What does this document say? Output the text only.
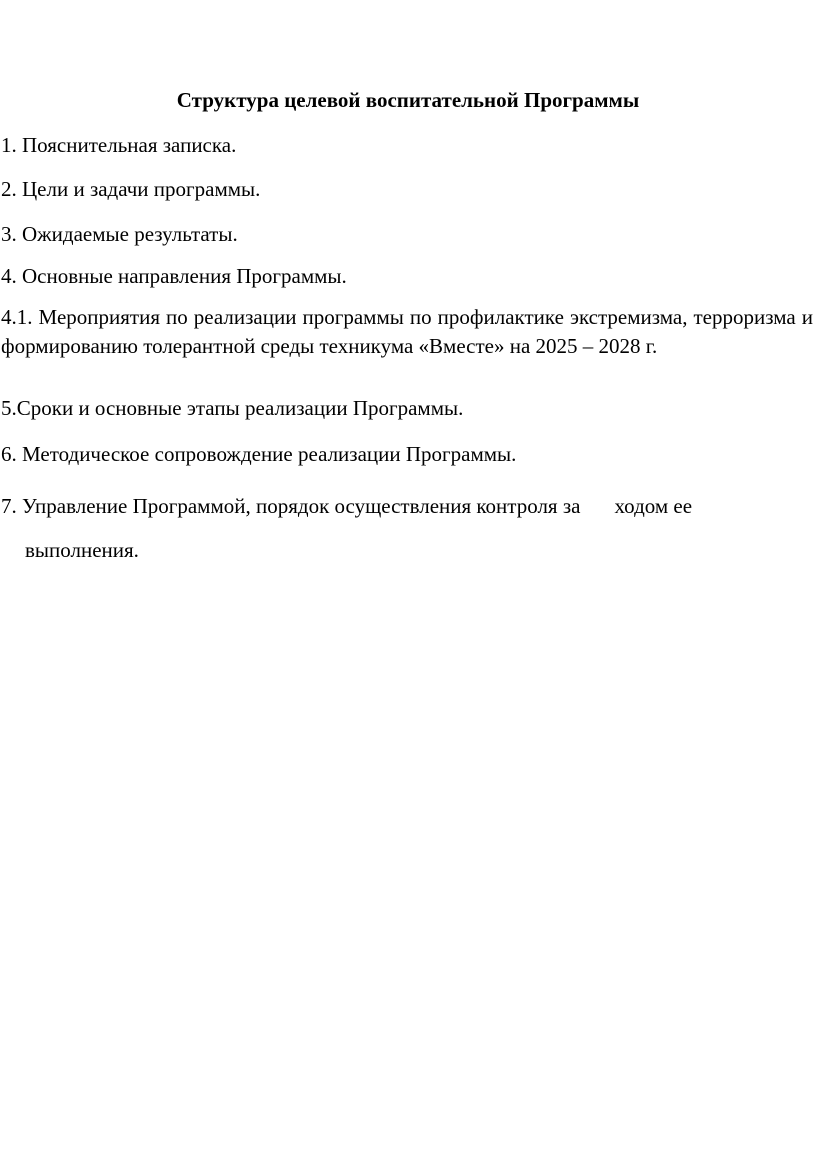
Структура целевой воспитательной Программы
1. Пояснительная записка.
2. Цели и задачи программы.
3. Ожидаемые результаты.
4. Основные направления Программы.
4.1. Мероприятия по реализации программы по профилактике экстремизма, терроризма и формированию толерантной среды техникума «Вместе» на 2025 – 2028 г.
5.Сроки и основные этапы реализации Программы.
6. Методическое сопровождение реализации Программы.
7. Управление Программой, порядок осуществления контроля за ходом ее
выполнения.
